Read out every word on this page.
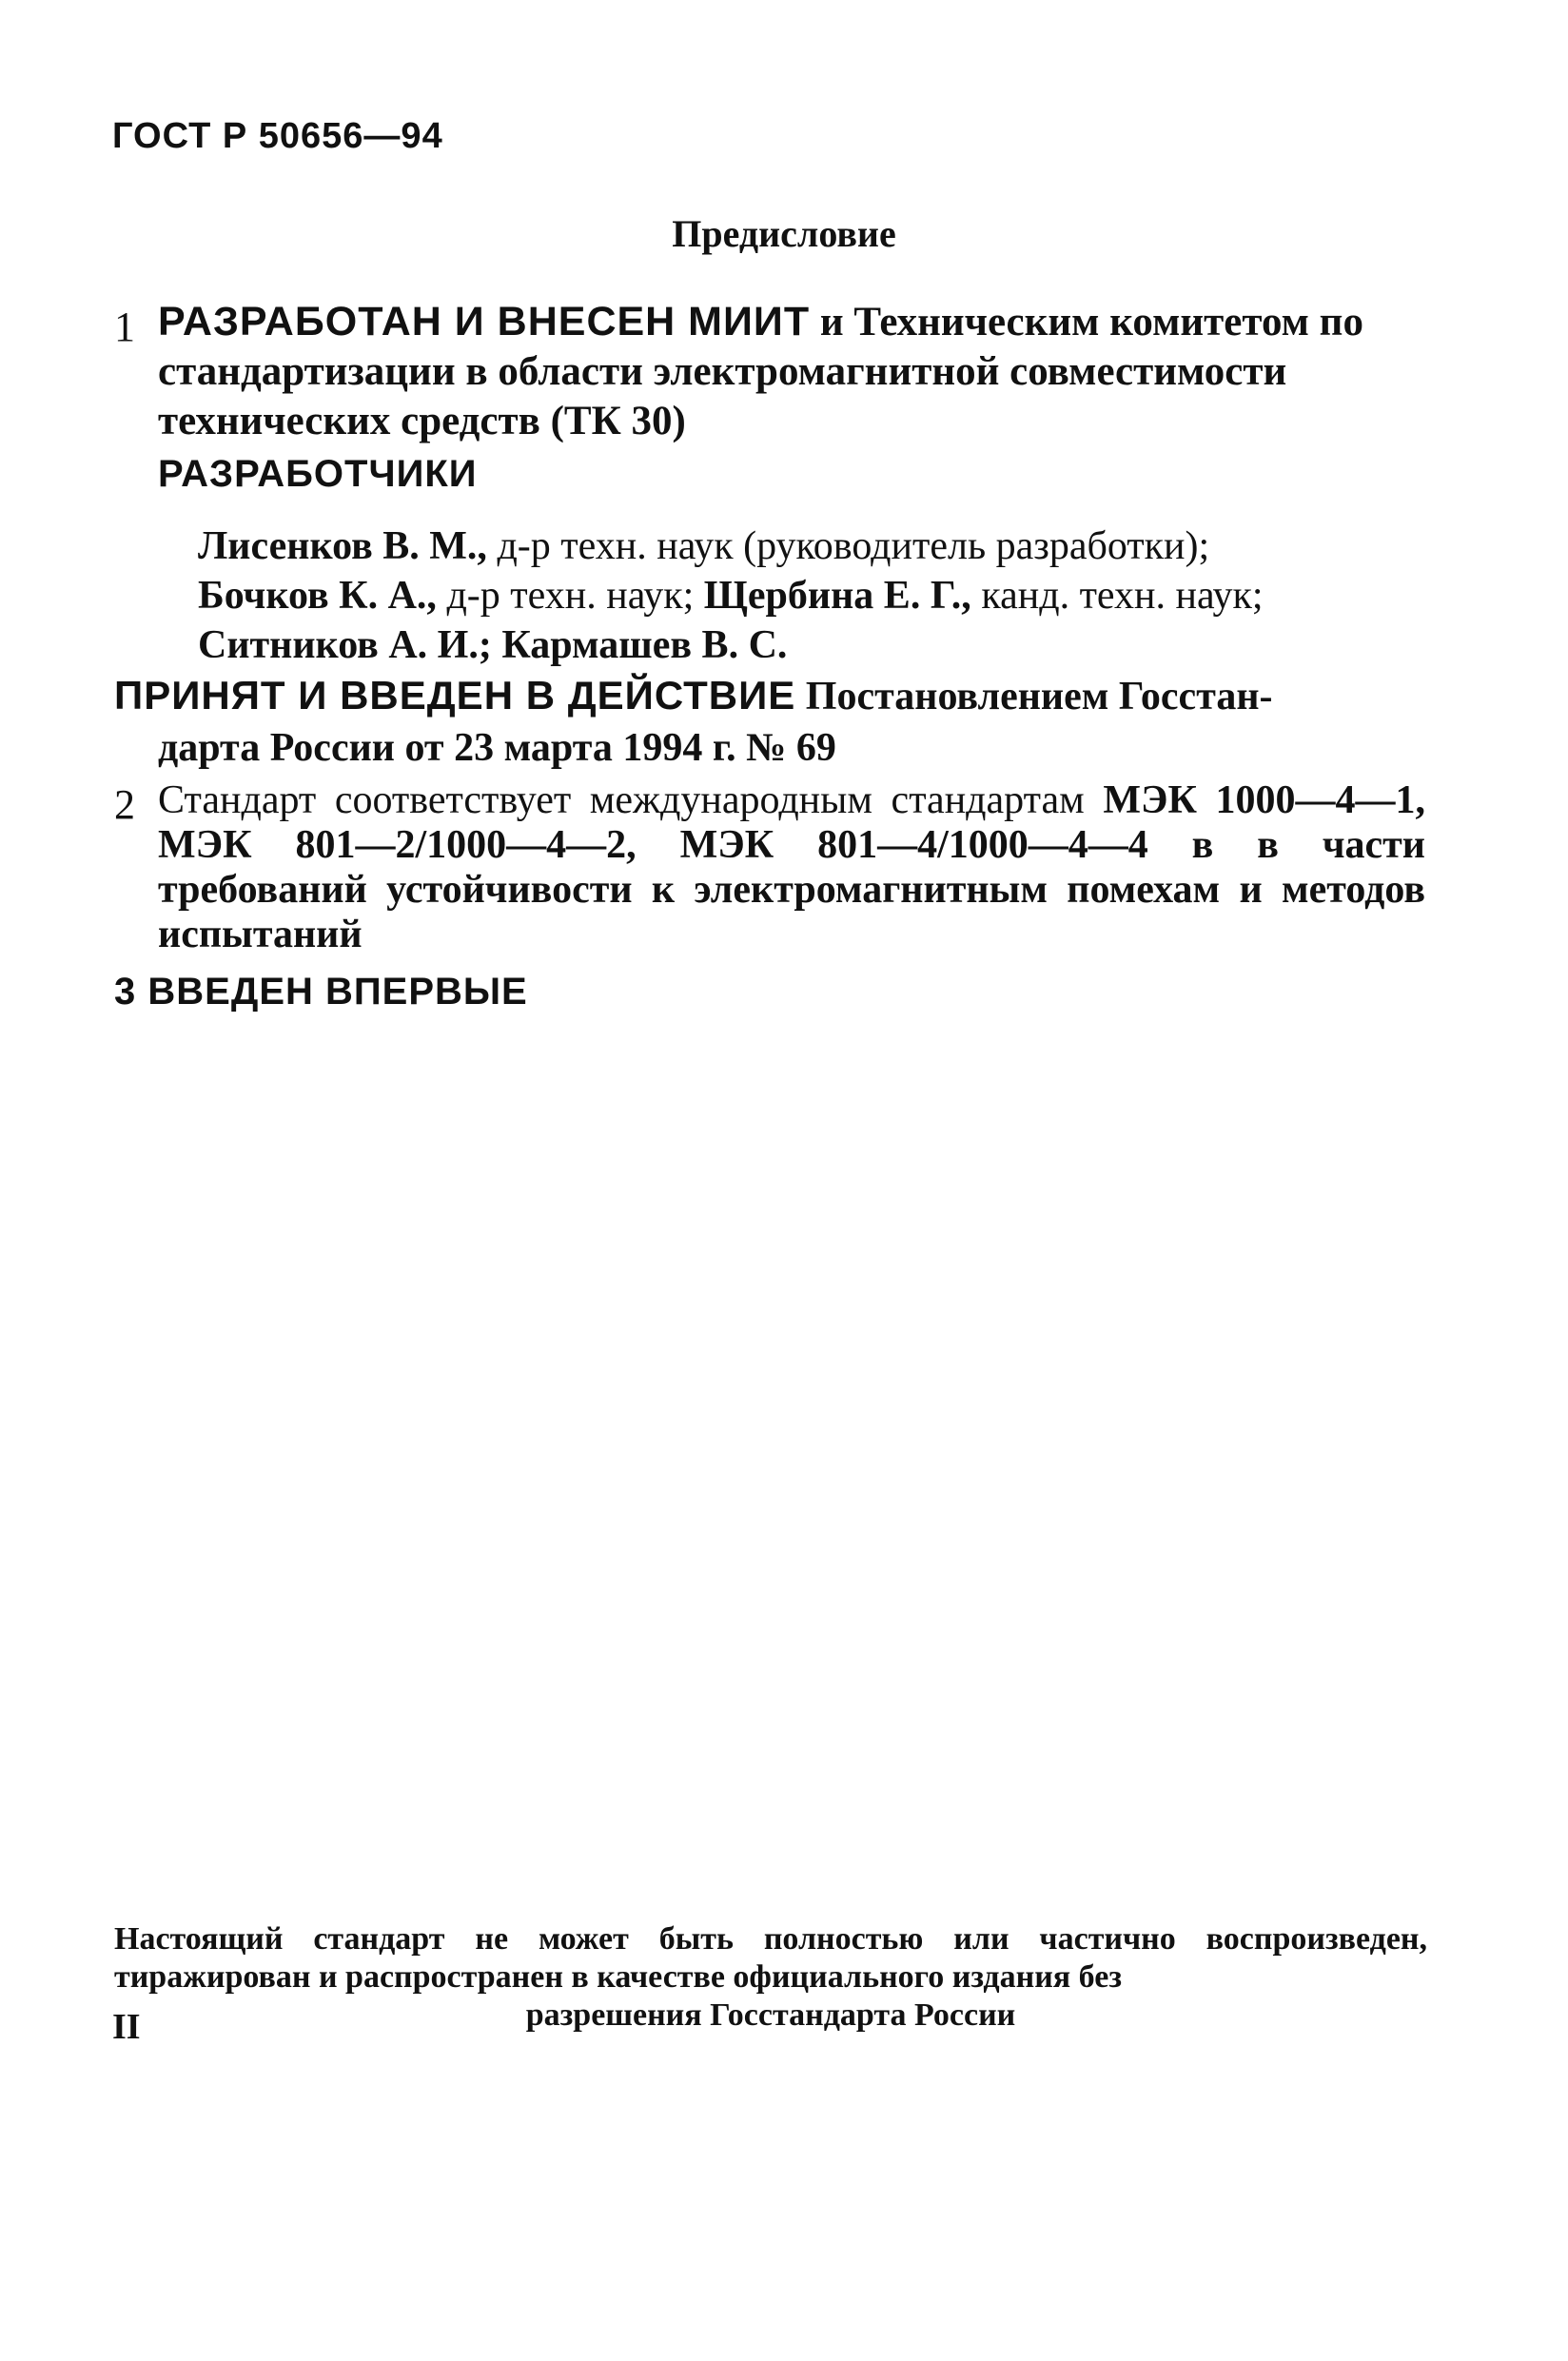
ГОСТ Р 50656—94
Предисловие
1 РАЗРАБОТАН И ВНЕСЕН МИИТ и Техническим комитетом по стандартизации в области электромагнитной совместимости технических средств (ТК 30)
РАЗРАБОТЧИКИ
Лисенков В. М., д-р техн. наук (руководитель разработки);
Бочков К. А., д-р техн. наук; Щербина Е. Г., канд. техн. наук;
Ситников А. И.; Кармашев В. С.
ПРИНЯТ И ВВЕДЕН В ДЕЙСТВИЕ Постановлением Госстан-
дарта России от 23 марта 1994 г. № 69
2 Стандарт соответствует международным стандартам МЭК 1000—4—1, МЭК 801—2/1000—4—2, МЭК 801—4/1000—4—4 в в части требований устойчивости к электромагнитным помехам и методов испытаний
3 ВВЕДЕН ВПЕРВЫЕ
Настоящий стандарт не может быть полностью или частично воспроизведен, тиражирован и распространен в качестве официального издания без
разрешения Госстандарта России
II
